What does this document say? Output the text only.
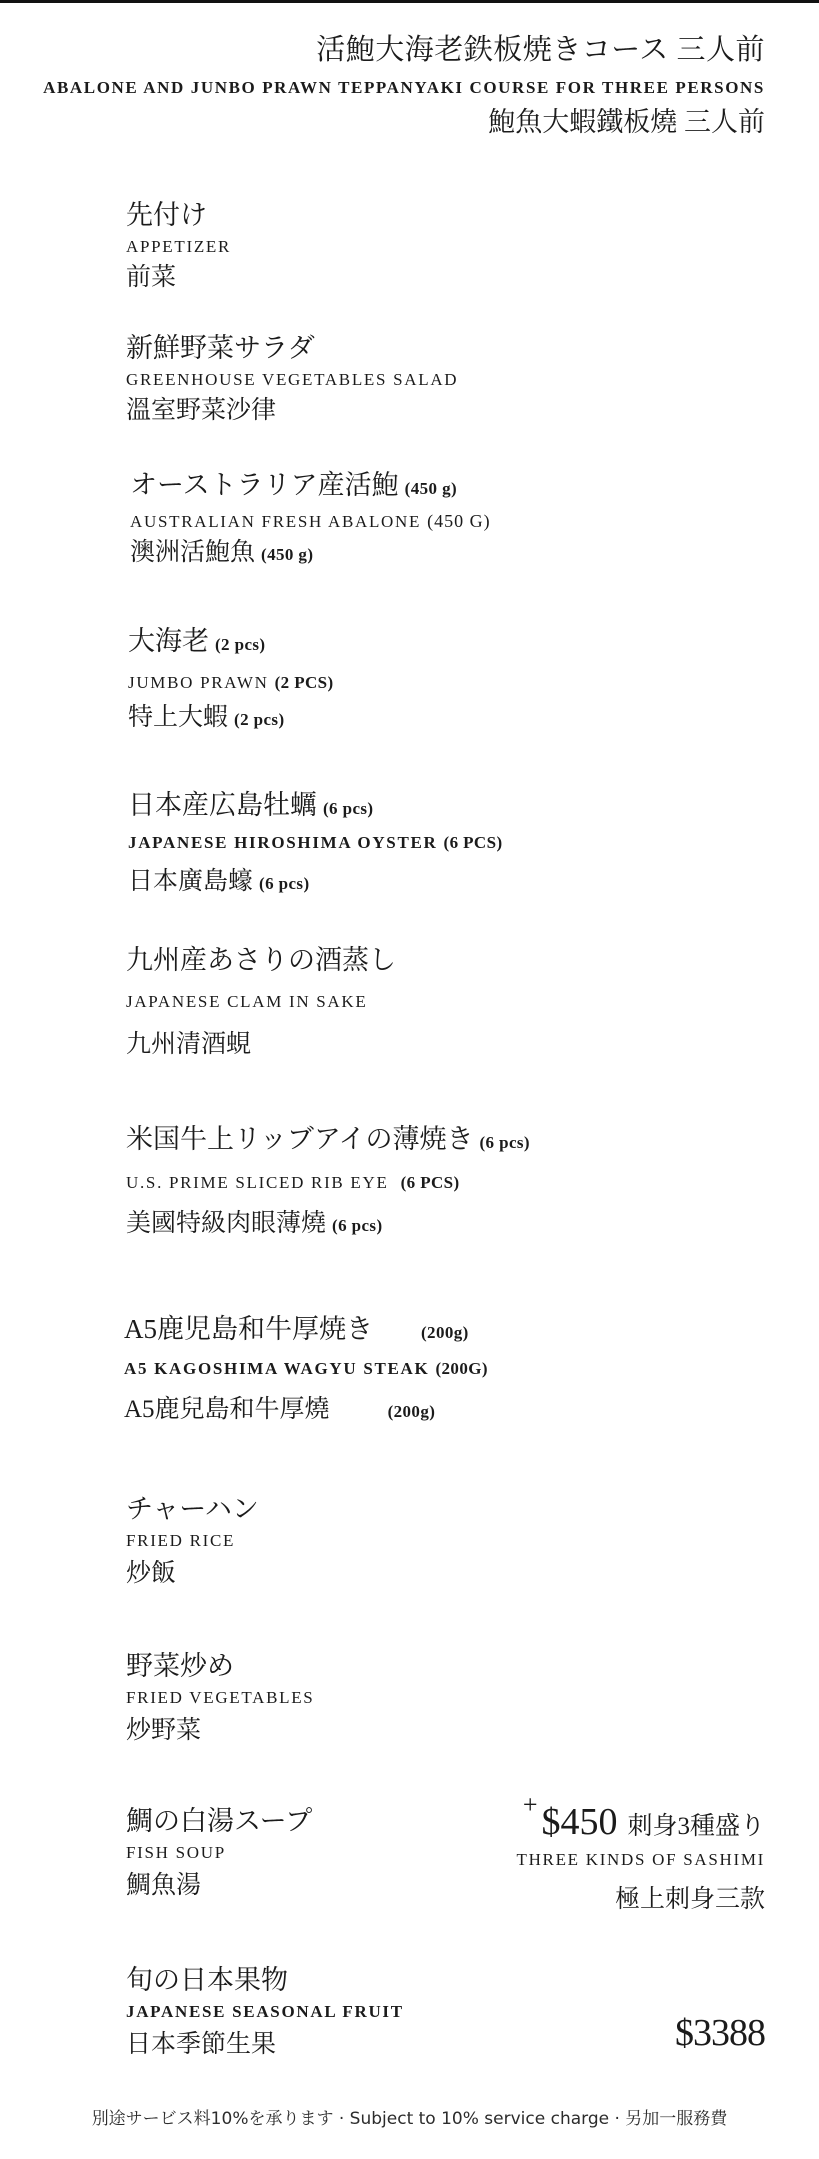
活鮑大海老鉄板焼きコース 三人前
ABALONE AND JUNBO PRAWN TEPPANYAKI COURSE FOR THREE PERSONS
鮑魚大蝦鐵板燒 三人前
先付け
APPETIZER
前菜
新鮮野菜サラダ
GREENHOUSE VEGETABLES SALAD
溫室野菜沙律
オーストラリア産活鮑 (450 g)
AUSTRALIAN FRESH ABALONE (450 G)
澳洲活鮑魚 (450 g)
大海老 (2 pcs)
JUMBO PRAWN (2 PCS)
特上大蝦 (2 pcs)
日本産広島牡蠣 (6 pcs)
JAPANESE HIROSHIMA OYSTER (6 PCS)
日本廣島蠔 (6 pcs)
九州産あさりの酒蒸し
JAPANESE CLAM IN SAKE
九州清酒蜆
米国牛上リッブアイの薄焼き (6 pcs)
U.S. PRIME SLICED RIB EYE (6 PCS)
美國特級肉眼薄燒 (6 pcs)
A5鹿児島和牛厚焼き	(200g)
A5 KAGOSHIMA WAGYU STEAK (200G)
A5鹿兒島和牛厚燒	(200g)
チャーハン
FRIED RICE
炒飯
野菜炒め
FRIED VEGETABLES
炒野菜
鯛の白湯スープ
FISH SOUP
鯛魚湯
旬の日本果物
JAPANESE SEASONAL FRUIT
日本季節生果
+ $450 刺身3種盛り
THREE KINDS OF SASHIMI
極上刺身三款
$3388
別途サービス料10%を承ります · Subject to 10% service charge · 另加一服務費
